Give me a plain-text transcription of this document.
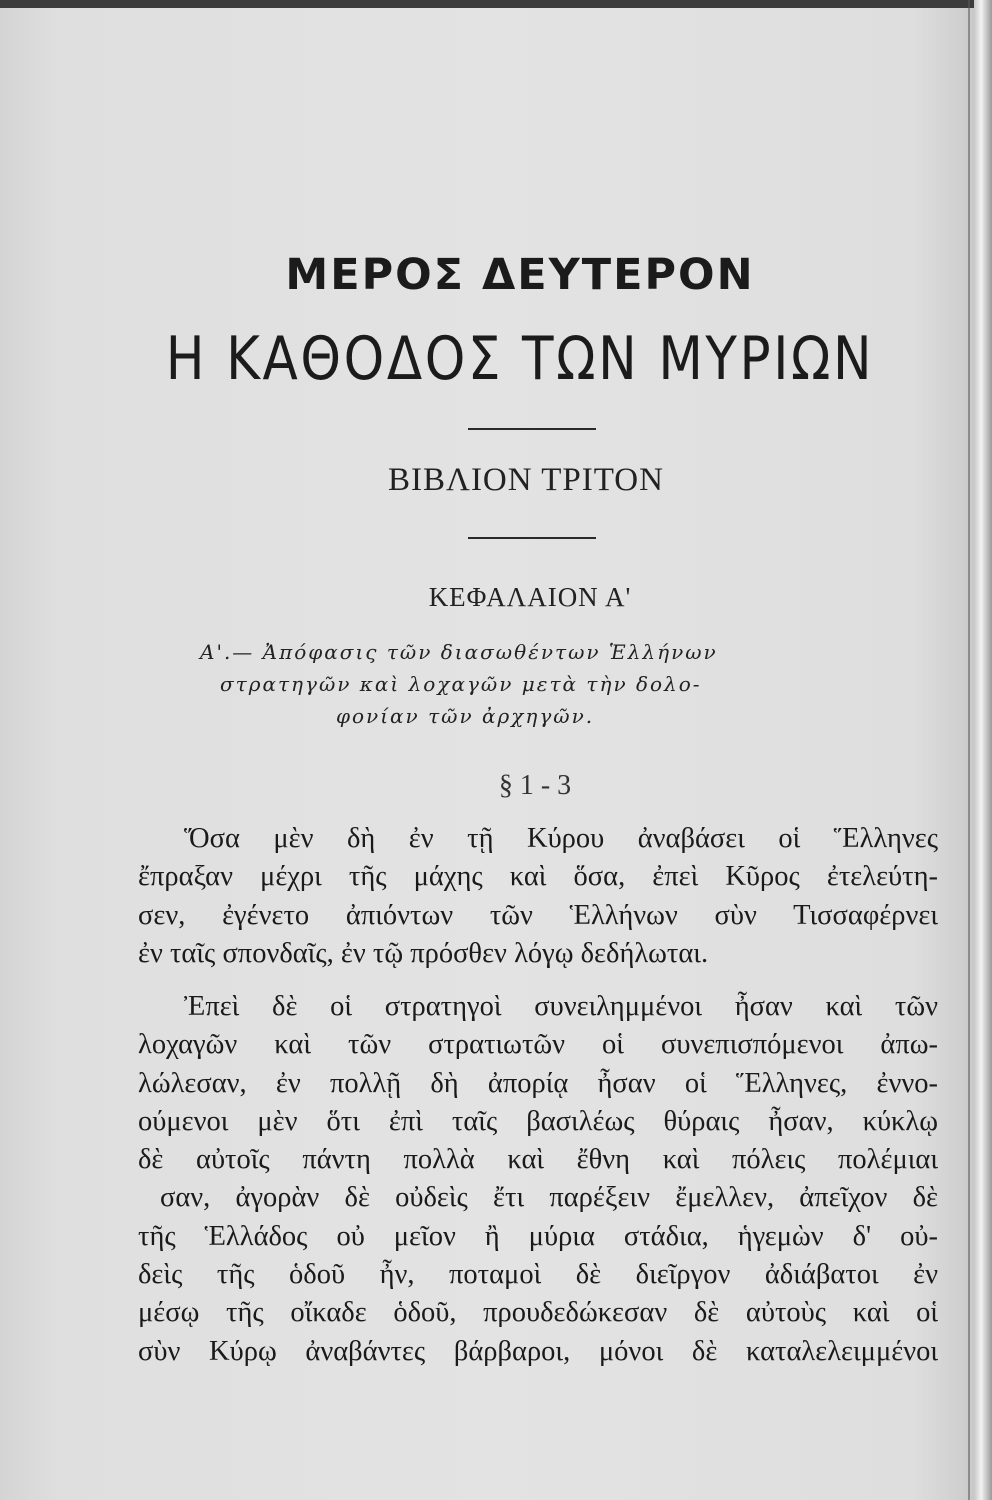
ΜΕΡΟΣ ΔΕΥΤΕΡΟΝ
Η ΚΑΘΟΔΟΣ ΤΩΝ ΜΥΡΙΩΝ
ΒΙΒΛΙΟΝ ΤΡΙΤΟΝ
ΚΕΦΑΛΑΙΟΝ Α'
Α'.— Ἀπόφασις τῶν διασωθέντων Ἑλλήνων
στρατηγῶν καὶ λοχαγῶν μετὰ τὴν δολο-
φονίαν τῶν ἀρχηγῶν.
§ 1 - 3
Ὅσα μὲν δὴ ἐν τῇ Κύρου ἀναβάσει οἱ Ἕλληνες
ἔπραξαν μέχρι τῆς μάχης καὶ ὅσα, ἐπεὶ Κῦρος ἐτελεύτη-
σεν, ἐγένετο ἀπιόντων τῶν Ἑλλήνων σὺν Τισσαφέρνει
ἐν ταῖς σπονδαῖς, ἐν τῷ πρόσθεν λόγῳ δεδήλωται.
Ἐπεὶ δὲ οἱ στρατηγοὶ συνειλημμένοι ἦσαν καὶ τῶν
λοχαγῶν καὶ τῶν στρατιωτῶν οἱ συνεπισπόμενοι ἀπω-
λώλεσαν, ἐν πολλῇ δὴ ἀπορίᾳ ἦσαν οἱ Ἕλληνες, ἐννο-
ούμενοι μὲν ὅτι ἐπὶ ταῖς βασιλέως θύραις ἦσαν, κύκλῳ
δὲ αὐτοῖς πάντη πολλὰ καὶ ἔθνη καὶ πόλεις πολέμιαι
σαν, ἀγορὰν δὲ οὐδεὶς ἔτι παρέξειν ἔμελλεν, ἀπεῖχον δὲ
τῆς Ἑλλάδος οὐ μεῖον ἢ μύρια στάδια, ἡγεμὼν δ' οὐ-
δεὶς τῆς ὁδοῦ ἦν, ποταμοὶ δὲ διεῖργον ἀδιάβατοι ἐν
μέσῳ τῆς οἴκαδε ὁδοῦ, προυδεδώκεσαν δὲ αὐτοὺς καὶ οἱ
σὺν Κύρῳ ἀναβάντες βάρβαροι, μόνοι δὲ καταλελειμμένοι
